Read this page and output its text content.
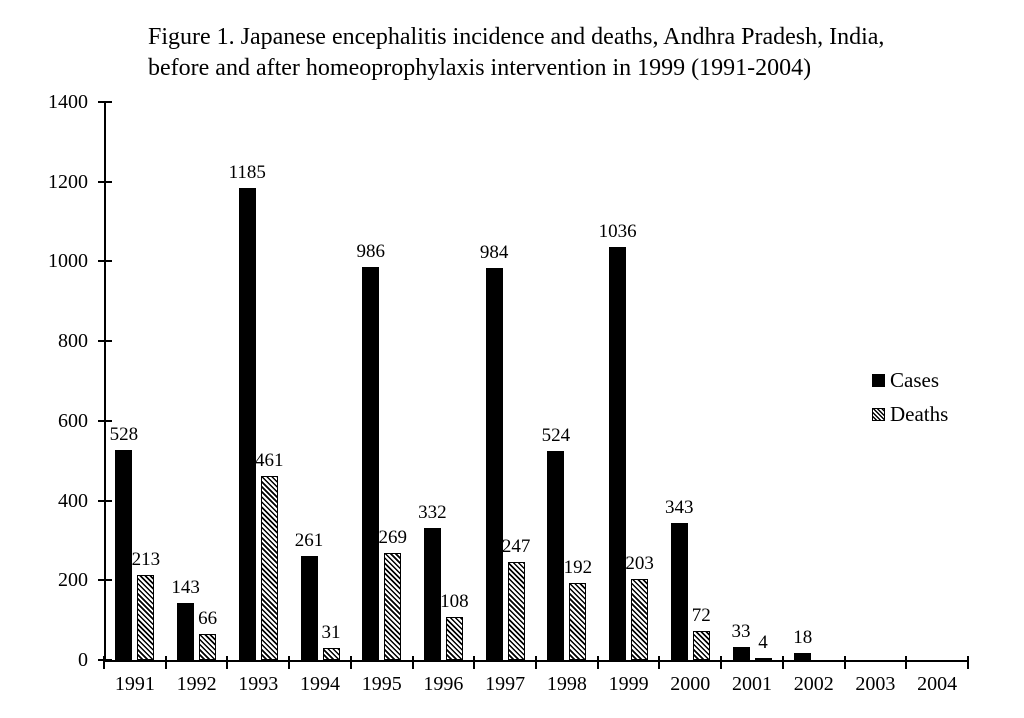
Figure 1. Japanese encephalitis incidence and deaths, Andhra Pradesh, India,
before and after homeoprophylaxis intervention in 1999 (1991-2004)
0
200
400
600
800
1000
1200
1400
1991	1992	1993	1994	1995	1996	1997	1998	1999	2000	2001	2002	2003	2004
528
143
1185
261
986
332
984
524
1036
343
33	18
213
66
461
31
269
108
247
192	203
72
4
Cases
Deaths
